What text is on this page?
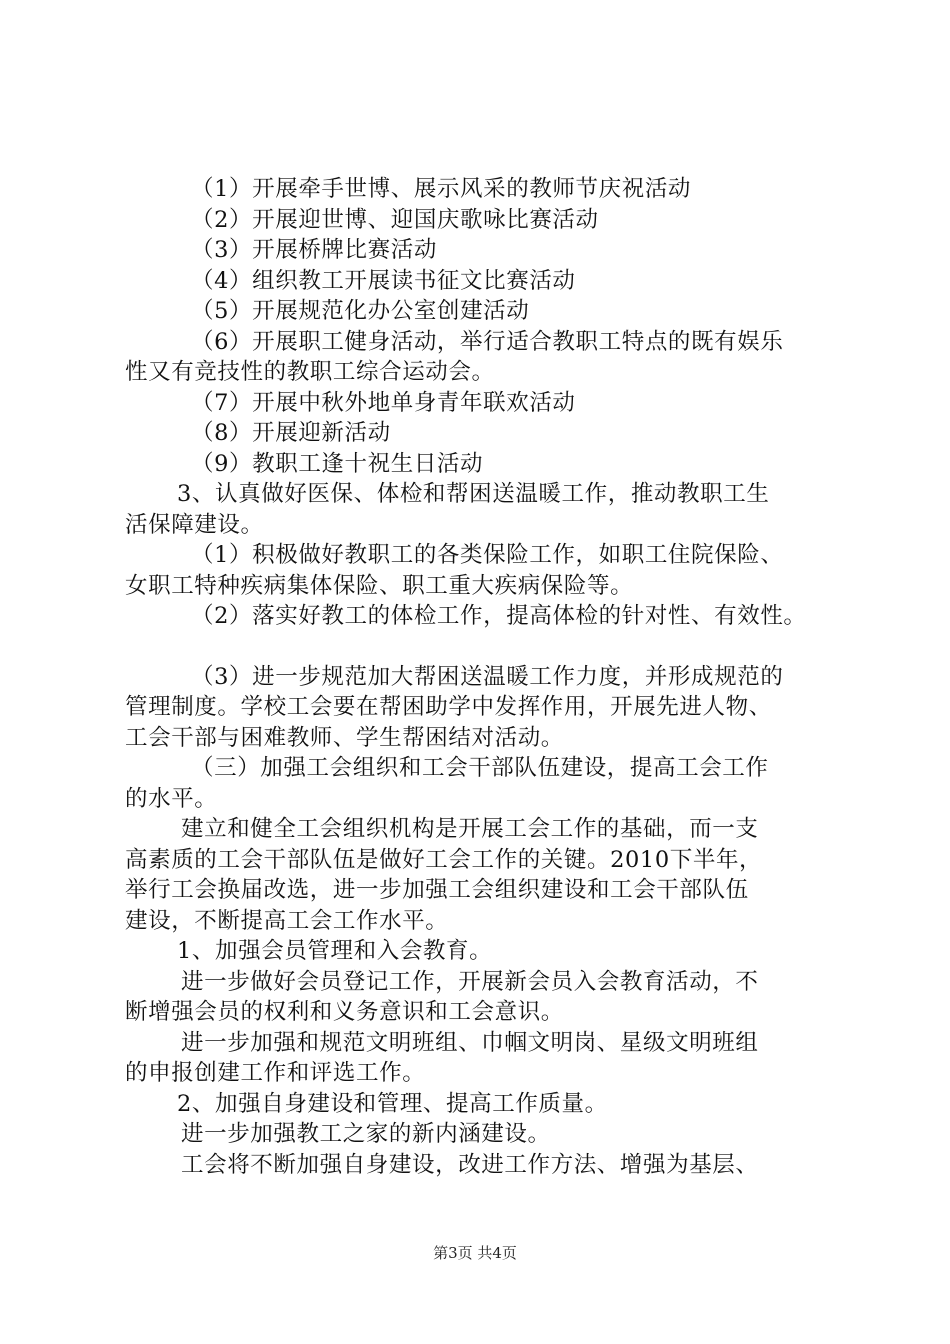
（1）开展牵手世博、展示风采的教师节庆祝活动
（2）开展迎世博、迎国庆歌咏比赛活动
（3）开展桥牌比赛活动
（4）组织教工开展读书征文比赛活动
（5）开展规范化办公室创建活动
（6）开展职工健身活动，举行适合教职工特点的既有娱乐
性又有竞技性的教职工综合运动会。
（7）开展中秋外地单身青年联欢活动
（8）开展迎新活动
（9）教职工逢十祝生日活动
3、认真做好医保、体检和帮困送温暖工作，推动教职工生
活保障建设。
（1）积极做好教职工的各类保险工作，如职工住院保险、
女职工特种疾病集体保险、职工重大疾病保险等。
（2）落实好教工的体检工作，提高体检的针对性、有效性。
（3）进一步规范加大帮困送温暖工作力度，并形成规范的
管理制度。学校工会要在帮困助学中发挥作用，开展先进人物、
工会干部与困难教师、学生帮困结对活动。
（三）加强工会组织和工会干部队伍建设，提高工会工作
的水平。
建立和健全工会组织机构是开展工会工作的基础，而一支
高素质的工会干部队伍是做好工会工作的关键。2010下半年，
举行工会换届改选，进一步加强工会组织建设和工会干部队伍
建设，不断提高工会工作水平。
1、加强会员管理和入会教育。
进一步做好会员登记工作，开展新会员入会教育活动，不
断增强会员的权利和义务意识和工会意识。
进一步加强和规范文明班组、巾帼文明岗、星级文明班组
的申报创建工作和评选工作。
2、加强自身建设和管理、提高工作质量。
进一步加强教工之家的新内涵建设。
工会将不断加强自身建设，改进工作方法、增强为基层、
第3页 共4页
